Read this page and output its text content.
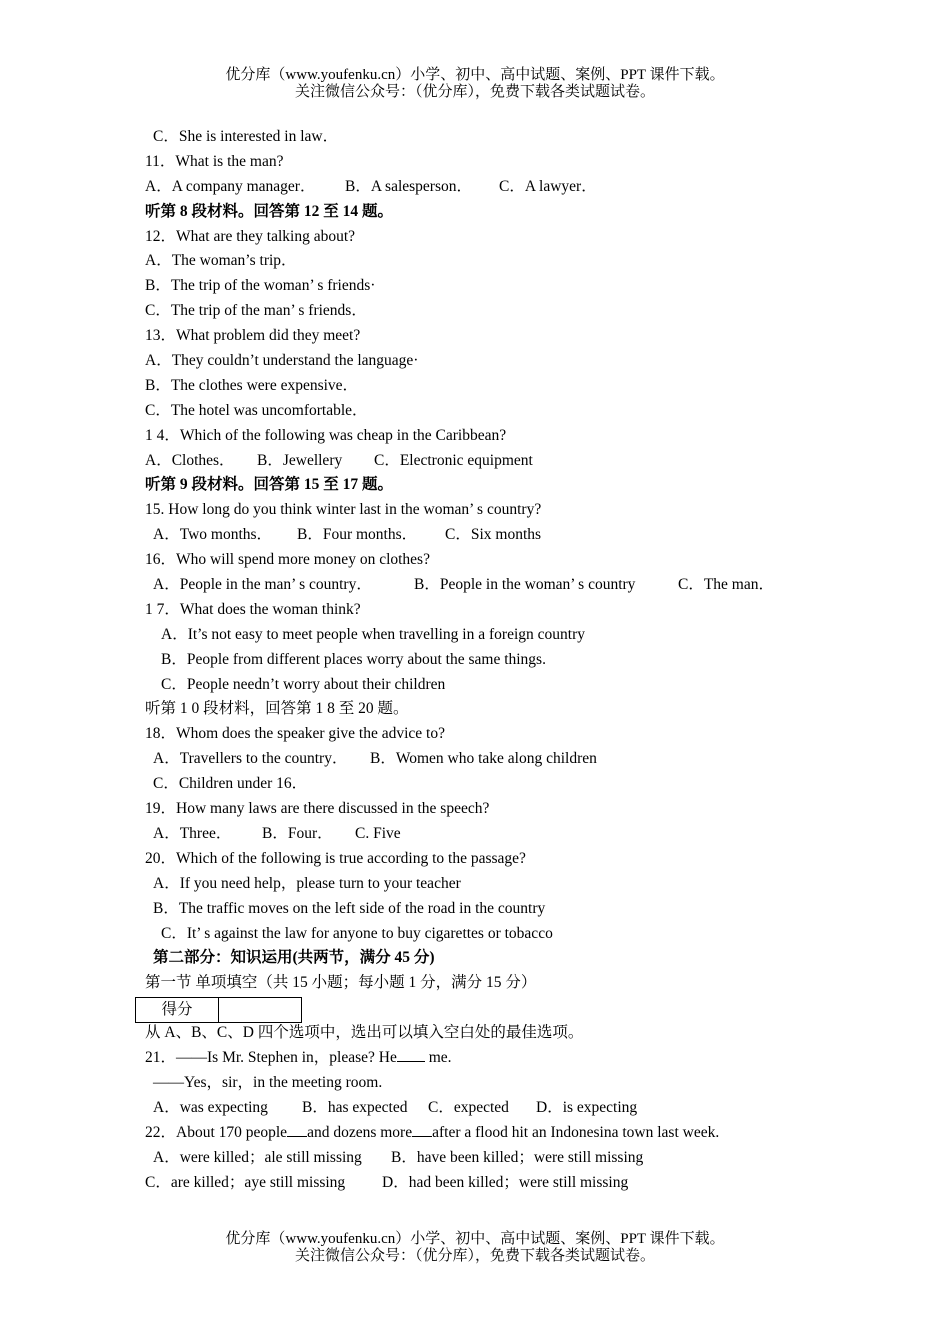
优分库（www.youfenku.cn）小学、初中、高中试题、案例、PPT 课件下载。
关注微信公众号：（优分库），免费下载各类试题试卷。
C．She is interested in law．
11．What is the man?
A．A company manager． B．A salesperson． C．A lawyer．
听第 8 段材料。回答第 12 至 14 题。
12．What are they talking about?
A．The woman’s trip．
B．The trip of the woman’ s friends·
C．The trip of the man’ s friends．
13．What problem did they meet?
A．They couldn’t understand the language·
B．The clothes were expensive．
C．The hotel was uncomfortable．
1 4．Which of the following was cheap in the Caribbean?
A．Clothes． B．Jewellery C．Electronic equipment
听第 9 段材料。回答第 15 至 17 题。
15. How long do you think winter last in the woman’ s country?
A．Two months． B．Four months． C．Six months
16．Who will spend more money on clothes?
A．People in the man’ s country．	B．People in the woman’ s country	C．The man．
1 7．What does the woman think?
A．It’s not easy to meet people when travelling in a foreign country
B．People from different places worry about the same things.
C．People needn’t worry about their children
听第 1 0 段材料，回答第 1 8 至 20 题。
18．Whom does the speaker give the advice to?
A．Travellers to the country． B．Women who take along children
C．Children under 16．
19．How many laws are there discussed in the speech?
A．Three． B．Four． C. Five
20．Which of the following is true according to the passage?
A．If you need help，please turn to your teacher
B．The traffic moves on the left side of the road in the country
C．It’ s against the law for anyone to buy cigarettes or tobacco
第二部分：知识运用(共两节，满分 45 分)
第一节 单项填空（共 15 小题；每小题 1 分，满分 15 分）
得分
从 A、B、C、D 四个选项中，选出可以填入空白处的最佳选项。
21．——Is Mr. Stephen in，please? He me.
——Yes，sir，in the meeting room.
A．was expecting B．has expected C．expected D．is expecting
22．About 170 people and dozens more after a flood hit an Indonesina town last week.
A．were killed；ale still missing B．have been killed；were still missing
C．are killed；aye still missing D．had been killed；were still missing
优分库（www.youfenku.cn）小学、初中、高中试题、案例、PPT 课件下载。
关注微信公众号：（优分库），免费下载各类试题试卷。
